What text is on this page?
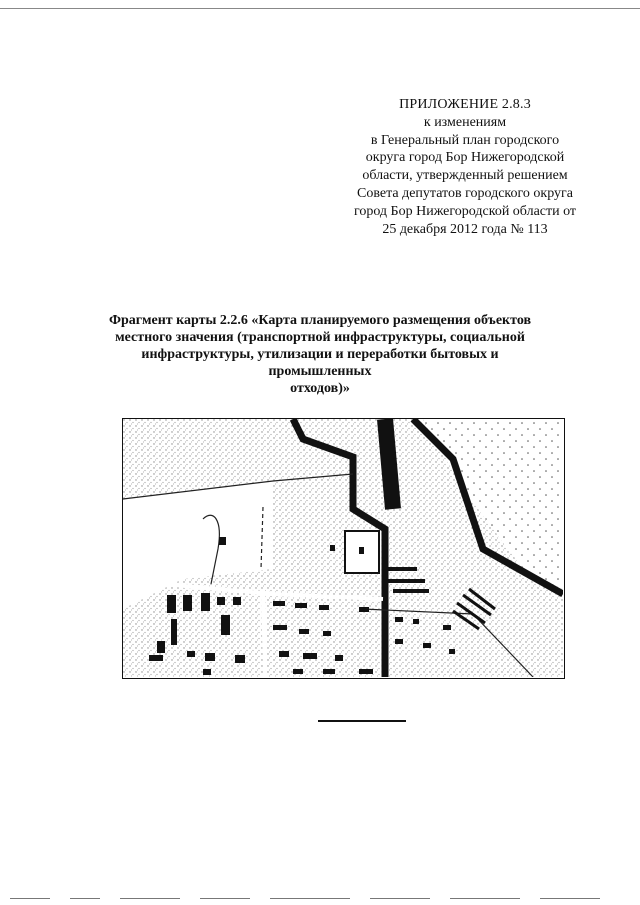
ПРИЛОЖЕНИЕ 2.8.3
к изменениям
в Генеральный план городского
округа город Бор Нижегородской
области, утвержденный решением
Совета депутатов городского округа
город Бор Нижегородской области от
25 декабря 2012 года № 113
Фрагмент карты 2.2.6 «Карта планируемого размещения объектов
местного значения (транспортной инфраструктуры, социальной
инфраструктуры, утилизации и переработки бытовых и промышленных
отходов)»
